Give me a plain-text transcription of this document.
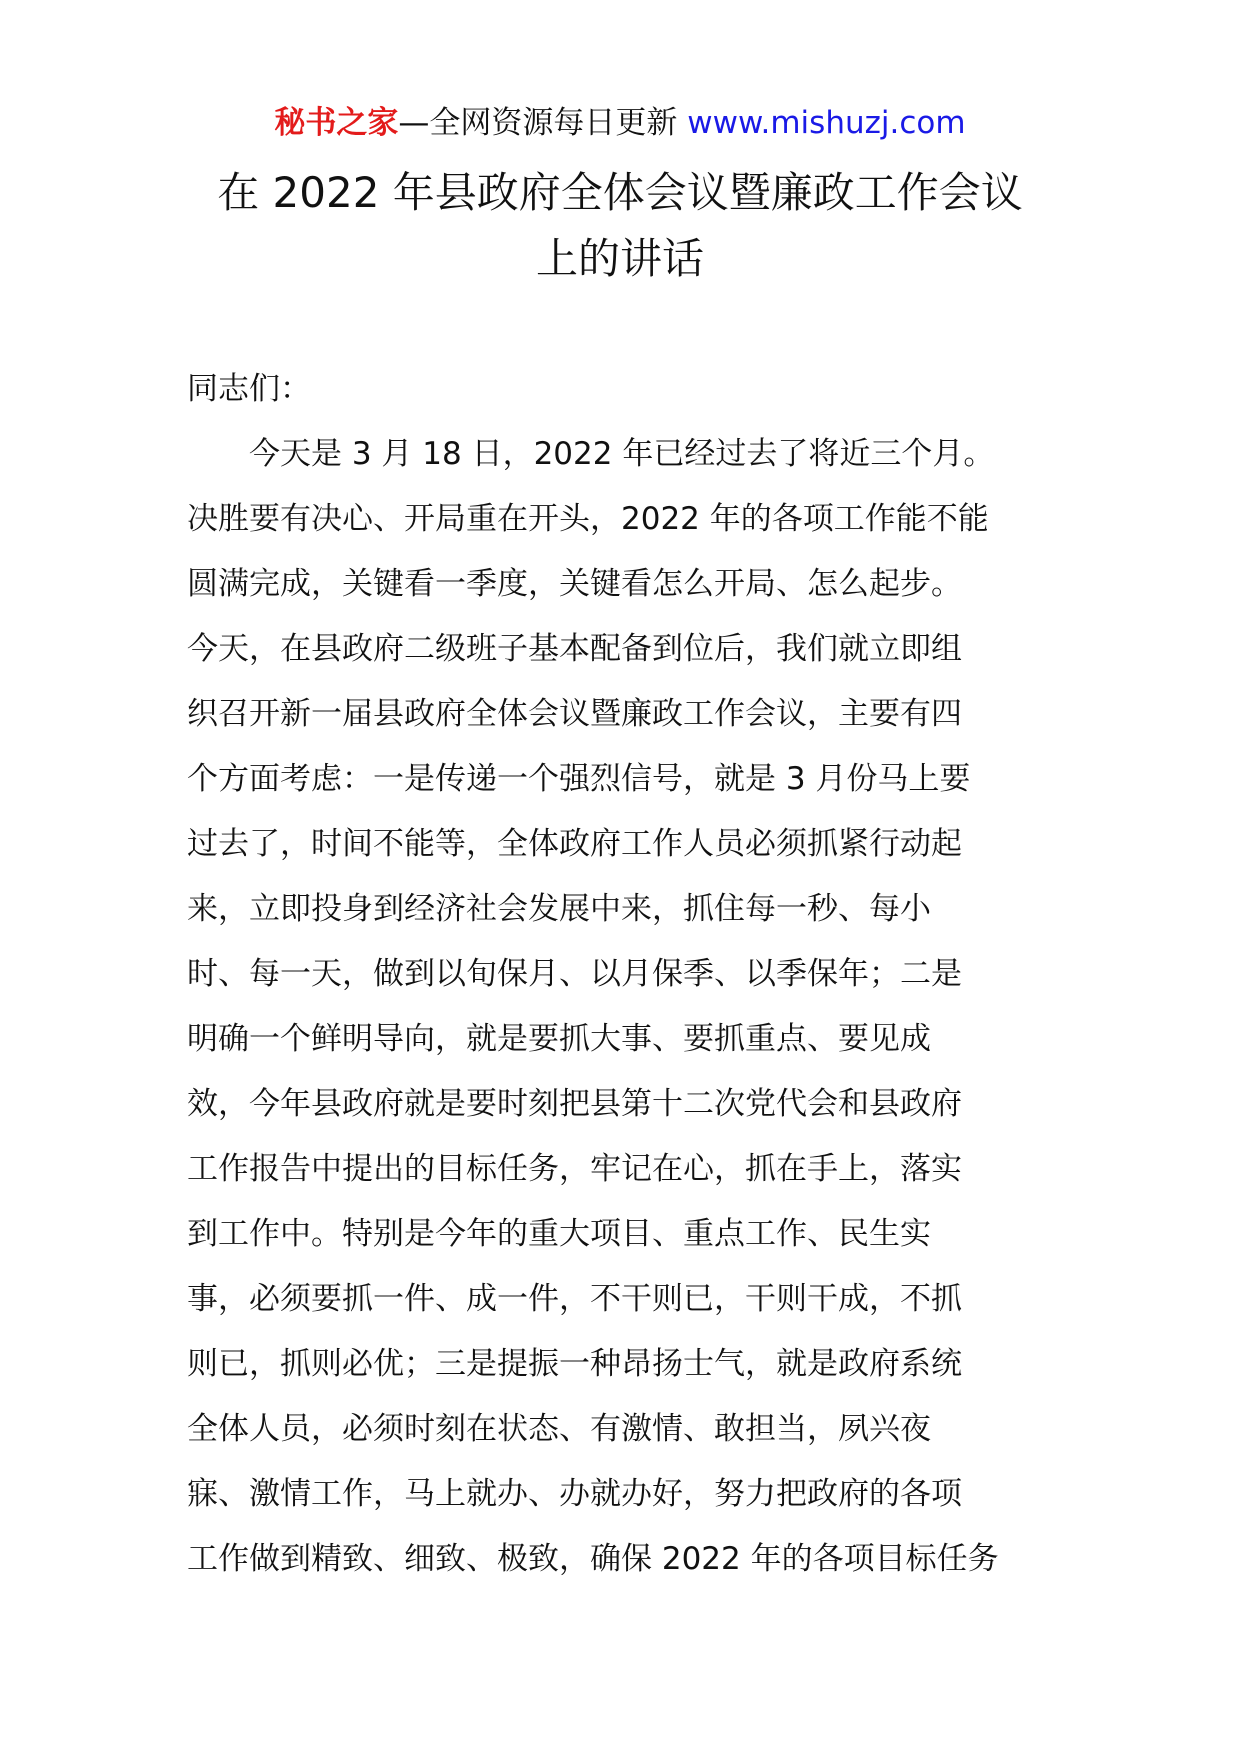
秘书之家—全网资源每日更新 www.mishuzj.com
在 2022 年县政府全体会议暨廉政工作会议
上的讲话
同志们：
今天是 3 月 18 日，2022 年已经过去了将近三个月。
决胜要有决心、开局重在开头，2022 年的各项工作能不能
圆满完成，关键看一季度，关键看怎么开局、怎么起步。
今天，在县政府二级班子基本配备到位后，我们就立即组
织召开新一届县政府全体会议暨廉政工作会议，主要有四
个方面考虑：一是传递一个强烈信号，就是 3 月份马上要
过去了，时间不能等，全体政府工作人员必须抓紧行动起
来，立即投身到经济社会发展中来，抓住每一秒、每小
时、每一天，做到以旬保月、以月保季、以季保年；二是
明确一个鲜明导向，就是要抓大事、要抓重点、要见成
效，今年县政府就是要时刻把县第十二次党代会和县政府
工作报告中提出的目标任务，牢记在心，抓在手上，落实
到工作中。特别是今年的重大项目、重点工作、民生实
事，必须要抓一件、成一件，不干则已，干则干成，不抓
则已，抓则必优；三是提振一种昂扬士气，就是政府系统
全体人员，必须时刻在状态、有激情、敢担当，夙兴夜
寐、激情工作，马上就办、办就办好，努力把政府的各项
工作做到精致、细致、极致，确保 2022 年的各项目标任务
